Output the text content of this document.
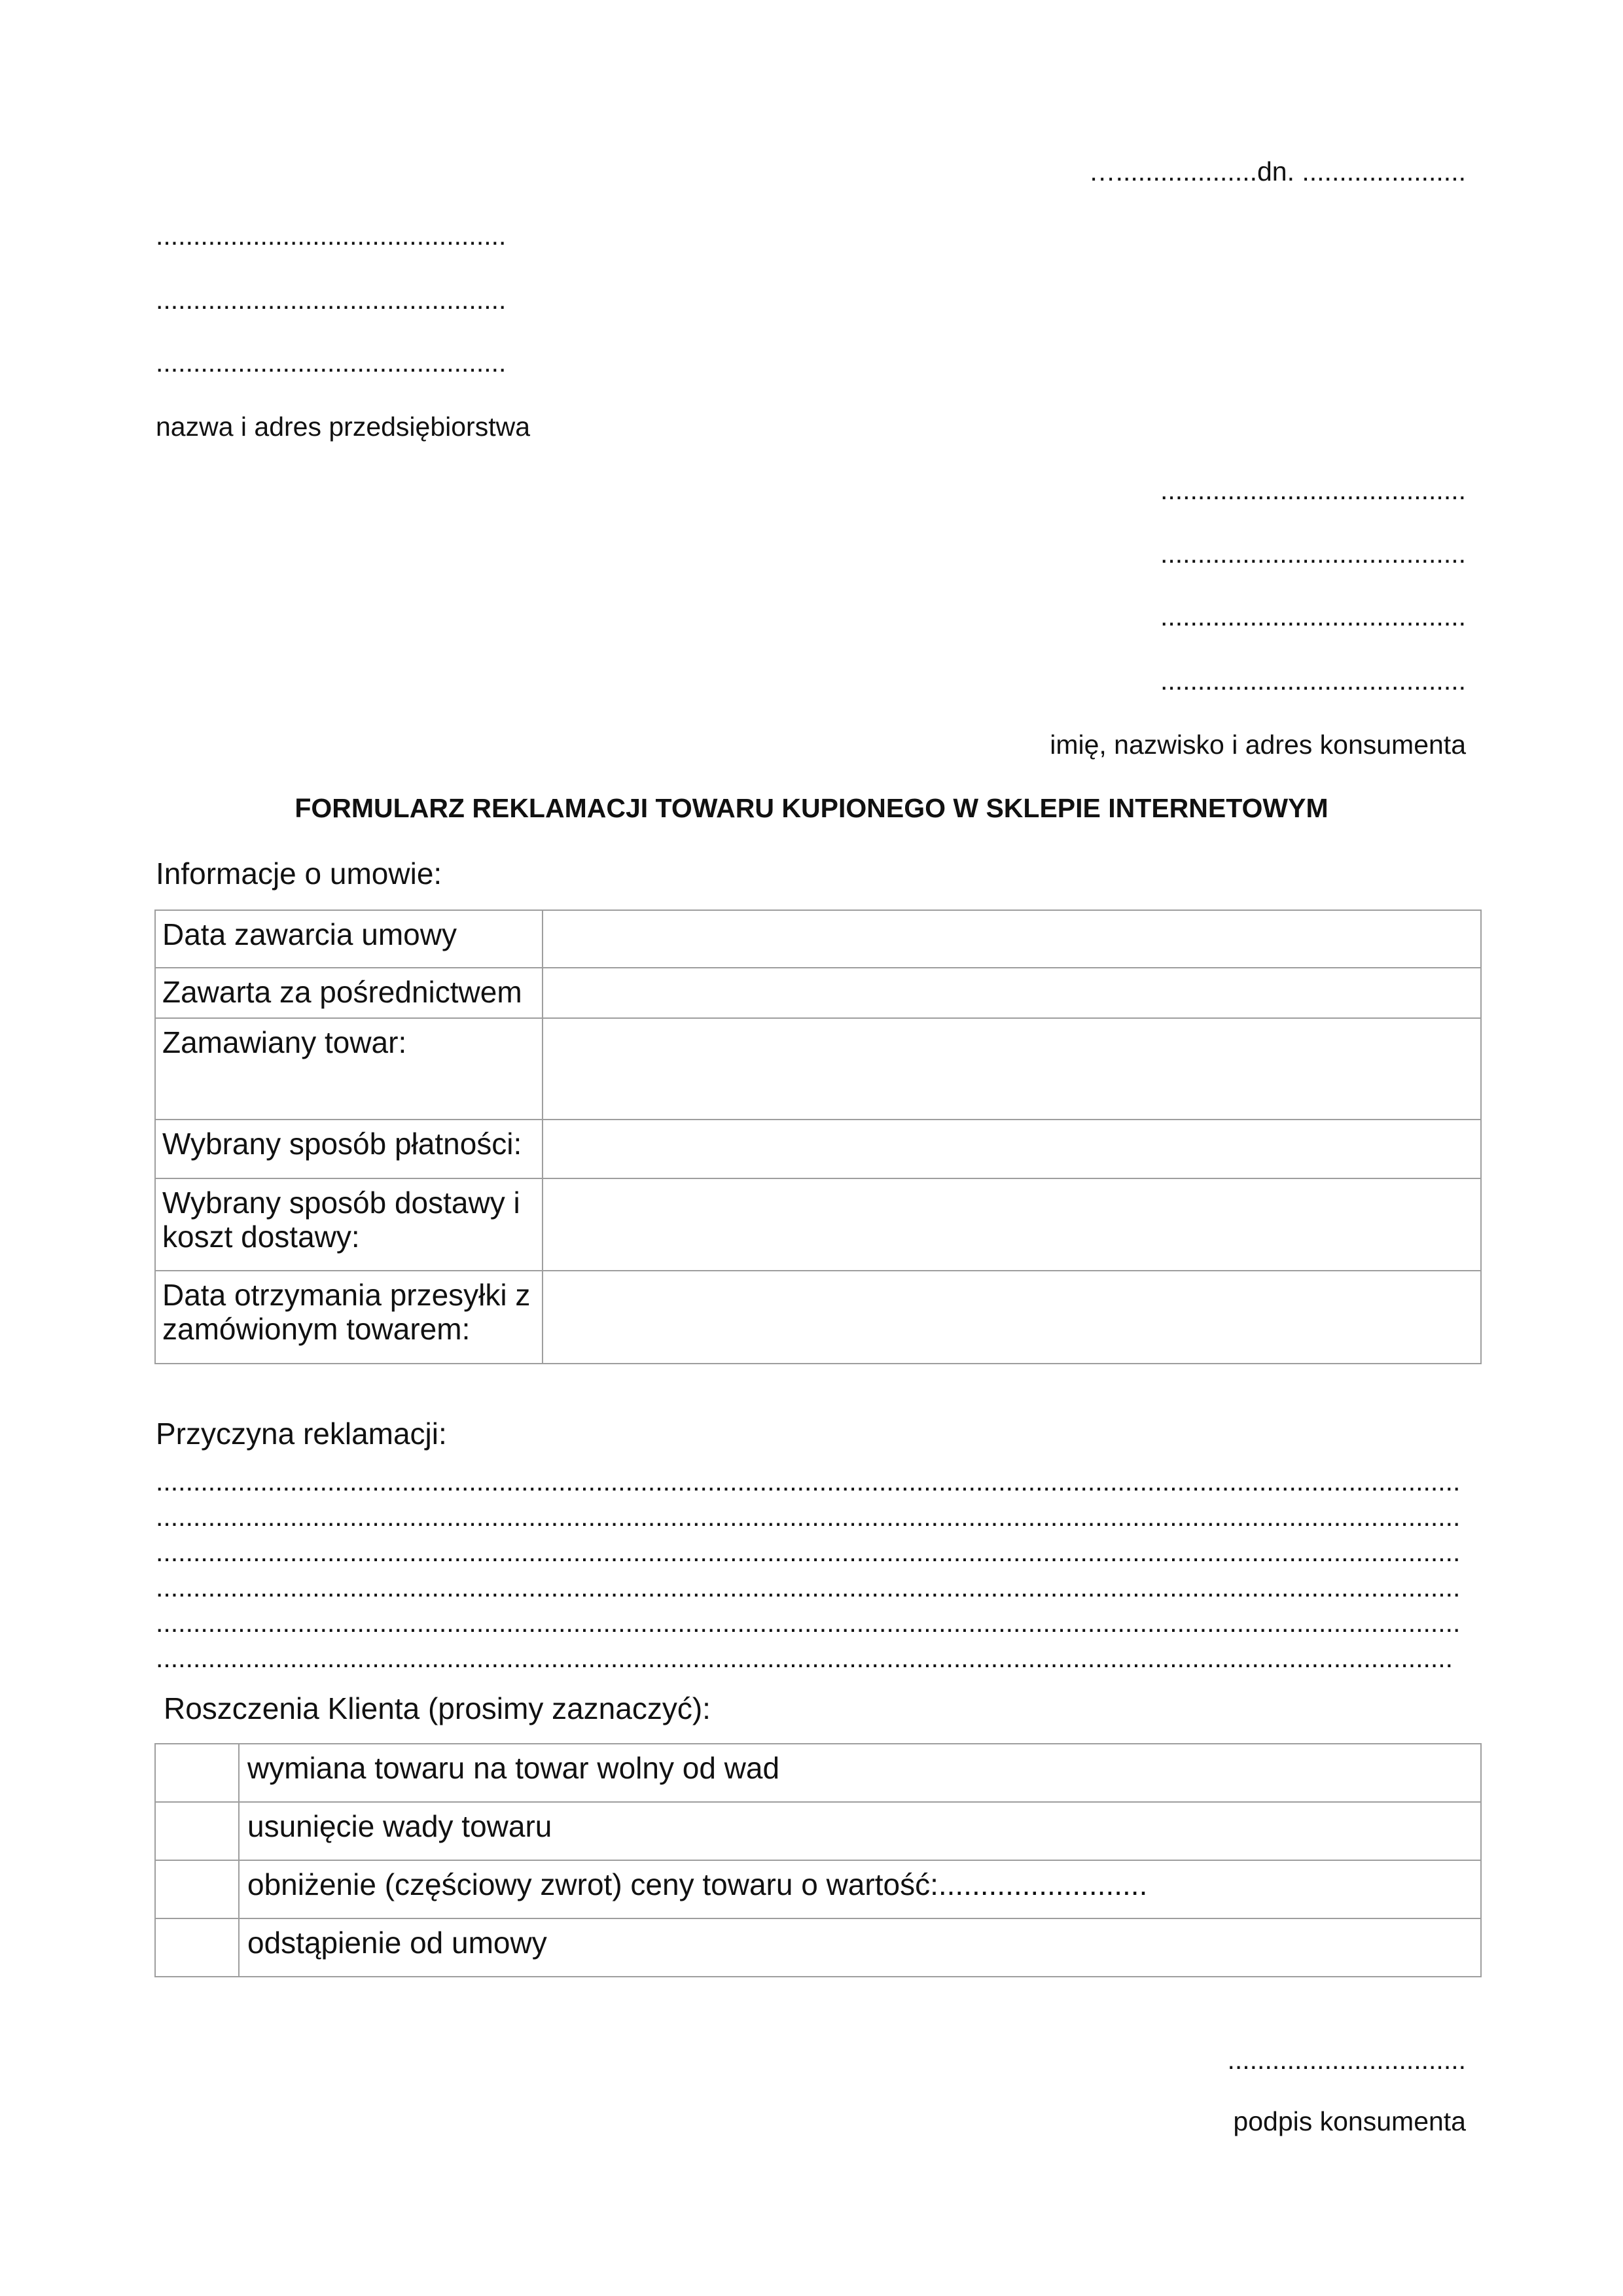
…...................dn. ......................
...............................................
...............................................
...............................................
nazwa i adres przedsiębiorstwa
.........................................
.........................................
.........................................
.........................................
imię, nazwisko i adres konsumenta
FORMULARZ REKLAMACJI TOWARU KUPIONEGO W SKLEPIE INTERNETOWYM
Informacje o umowie:
Data zawarcia umowy	
Zawarta za pośrednictwem	
Zamawiany towar:	
Wybrany sposób płatności:	
Wybrany sposób dostawy i koszt dostawy:	
Data otrzymania przesyłki z zamówionym towarem:	
Przyczyna reklamacji:
...............................................................................................................................................................................
...............................................................................................................................................................................
...............................................................................................................................................................................
...............................................................................................................................................................................
...............................................................................................................................................................................
..............................................................................................................................................................................
Roszczenia Klienta (prosimy zaznaczyć):
	wymiana towaru na towar wolny od wad
	usunięcie wady towaru
	obniżenie (częściowy zwrot) ceny towaru o wartość:.........................
	odstąpienie od umowy
................................
podpis konsumenta
